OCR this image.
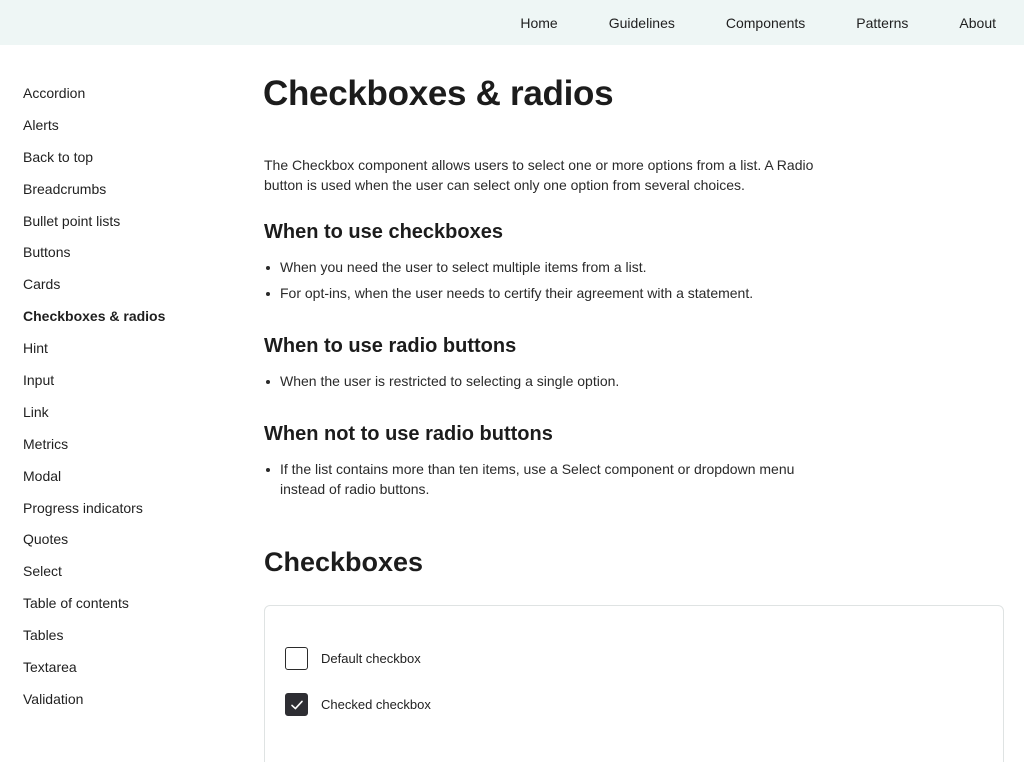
Home	Guidelines	Components	Patterns	About
Accordion
Alerts
Back to top
Breadcrumbs
Bullet point lists
Buttons
Cards
Checkboxes & radios
Hint
Input
Link
Metrics
Modal
Progress indicators
Quotes
Select
Table of contents
Tables
Textarea
Validation
Checkboxes & radios

The Checkbox component allows users to select one or more options from a list. A Radio button is used when the user can select only one option from several choices.

When to use checkboxes
When you need the user to select multiple items from a list.
For opt-ins, when the user needs to certify their agreement with a statement.
When to use radio buttons
When the user is restricted to selecting a single option.
When not to use radio buttons
If the list contains more than ten items, use a Select component or dropdown menu instead of radio buttons.
Checkboxes
Default checkbox
Checked checkbox
